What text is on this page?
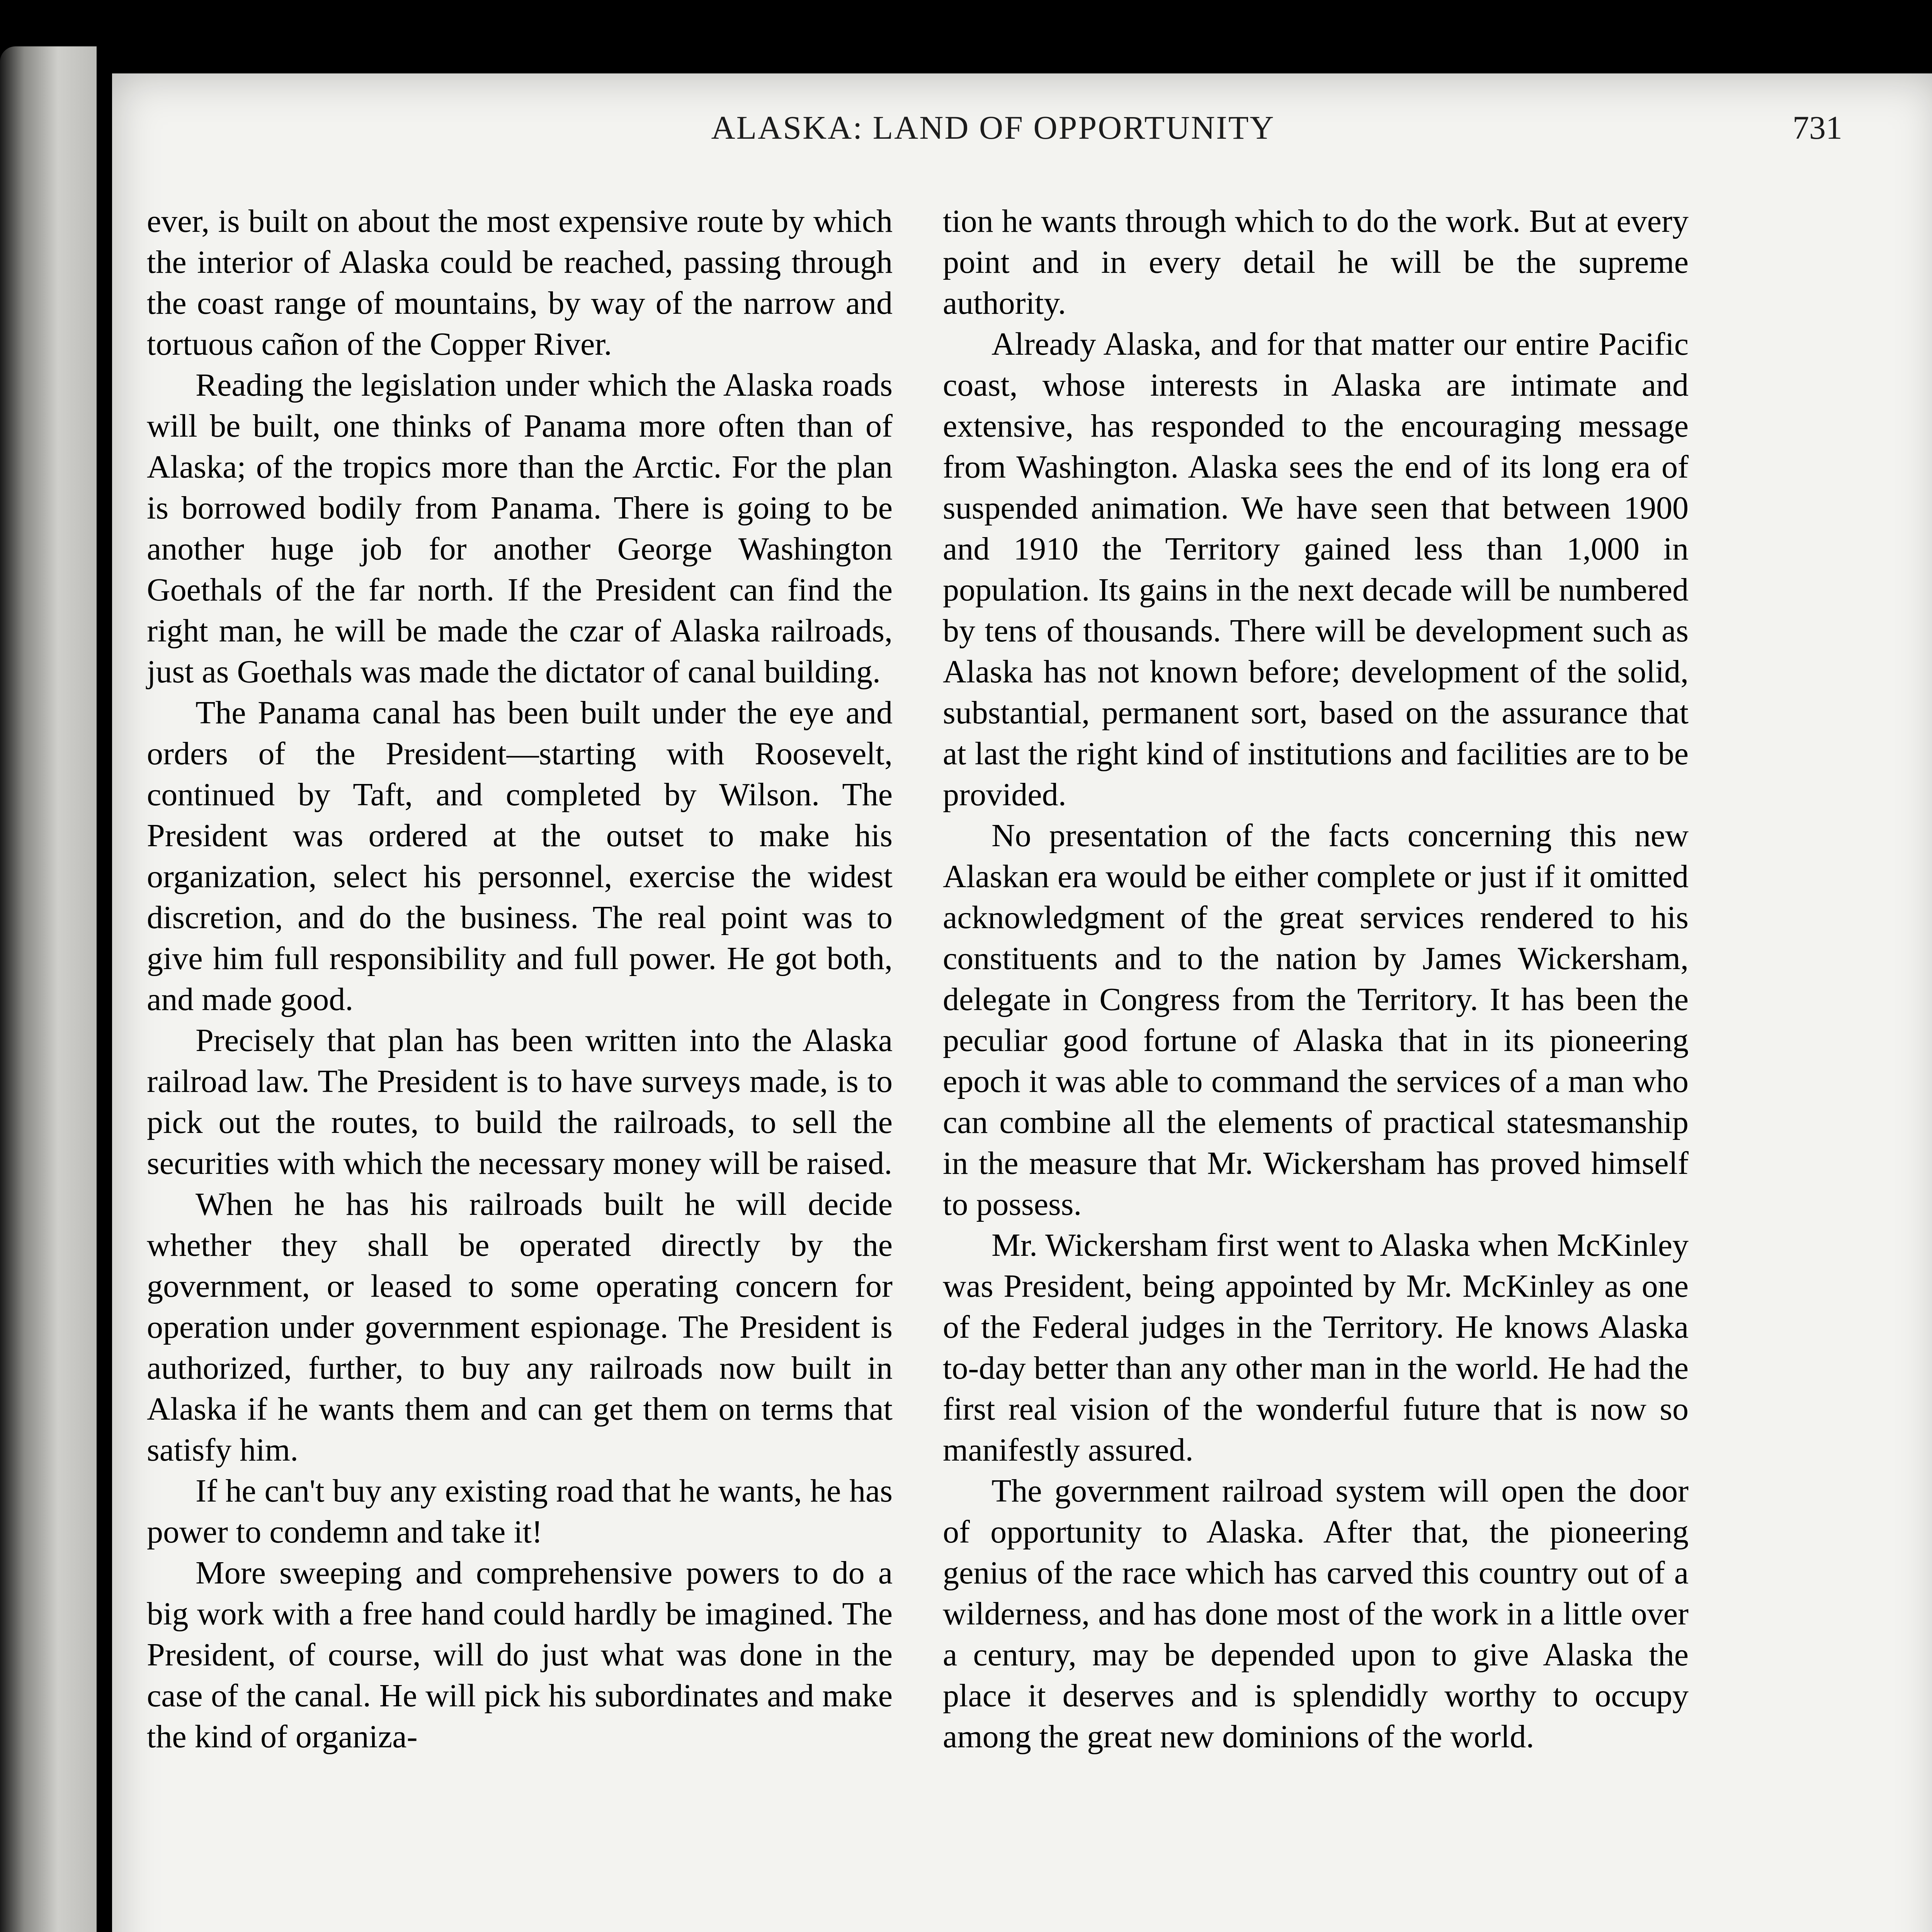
ALASKA: LAND OF OPPORTUNITY	731

ever, is built on about the most expensive route by which the interior of Alaska could be reached, passing through the coast range of mountains, by way of the narrow and tortuous cañon of the Copper River.

Reading the legislation under which the Alaska roads will be built, one thinks of Panama more often than of Alaska; of the tropics more than the Arctic. For the plan is borrowed bodily from Panama. There is going to be another huge job for another George Washington Goethals of the far north. If the President can find the right man, he will be made the czar of Alaska railroads, just as Goethals was made the dictator of canal building.

The Panama canal has been built under the eye and orders of the President—starting with Roosevelt, continued by Taft, and completed by Wilson. The President was ordered at the outset to make his organization, select his personnel, exercise the widest discretion, and do the business. The real point was to give him full responsibility and full power. He got both, and made good.

Precisely that plan has been written into the Alaska railroad law. The President is to have surveys made, is to pick out the routes, to build the railroads, to sell the securities with which the necessary money will be raised.

When he has his railroads built he will decide whether they shall be operated directly by the government, or leased to some operating concern for operation under government espionage. The President is authorized, further, to buy any railroads now built in Alaska if he wants them and can get them on terms that satisfy him.

If he can't buy any existing road that he wants, he has power to condemn and take it!

More sweeping and comprehensive powers to do a big work with a free hand could hardly be imagined. The President, of course, will do just what was done in the case of the canal. He will pick his subordinates and make the kind of organiza-

tion he wants through which to do the work. But at every point and in every detail he will be the supreme authority.

Already Alaska, and for that matter our entire Pacific coast, whose interests in Alaska are intimate and extensive, has responded to the encouraging message from Washington. Alaska sees the end of its long era of suspended animation. We have seen that between 1900 and 1910 the Territory gained less than 1,000 in population. Its gains in the next decade will be numbered by tens of thousands. There will be development such as Alaska has not known before; development of the solid, substantial, permanent sort, based on the assurance that at last the right kind of institutions and facilities are to be provided.

No presentation of the facts concerning this new Alaskan era would be either complete or just if it omitted acknowledgment of the great services rendered to his constituents and to the nation by James Wickersham, delegate in Congress from the Territory. It has been the peculiar good fortune of Alaska that in its pioneering epoch it was able to command the services of a man who can combine all the elements of practical statesmanship in the measure that Mr. Wickersham has proved himself to possess.

Mr. Wickersham first went to Alaska when McKinley was President, being appointed by Mr. McKinley as one of the Federal judges in the Territory. He knows Alaska to-day better than any other man in the world. He had the first real vision of the wonderful future that is now so manifestly assured.

The government railroad system will open the door of opportunity to Alaska. After that, the pioneering genius of the race which has carved this country out of a wilderness, and has done most of the work in a little over a century, may be depended upon to give Alaska the place it deserves and is splendidly worthy to occupy among the great new dominions of the world.
